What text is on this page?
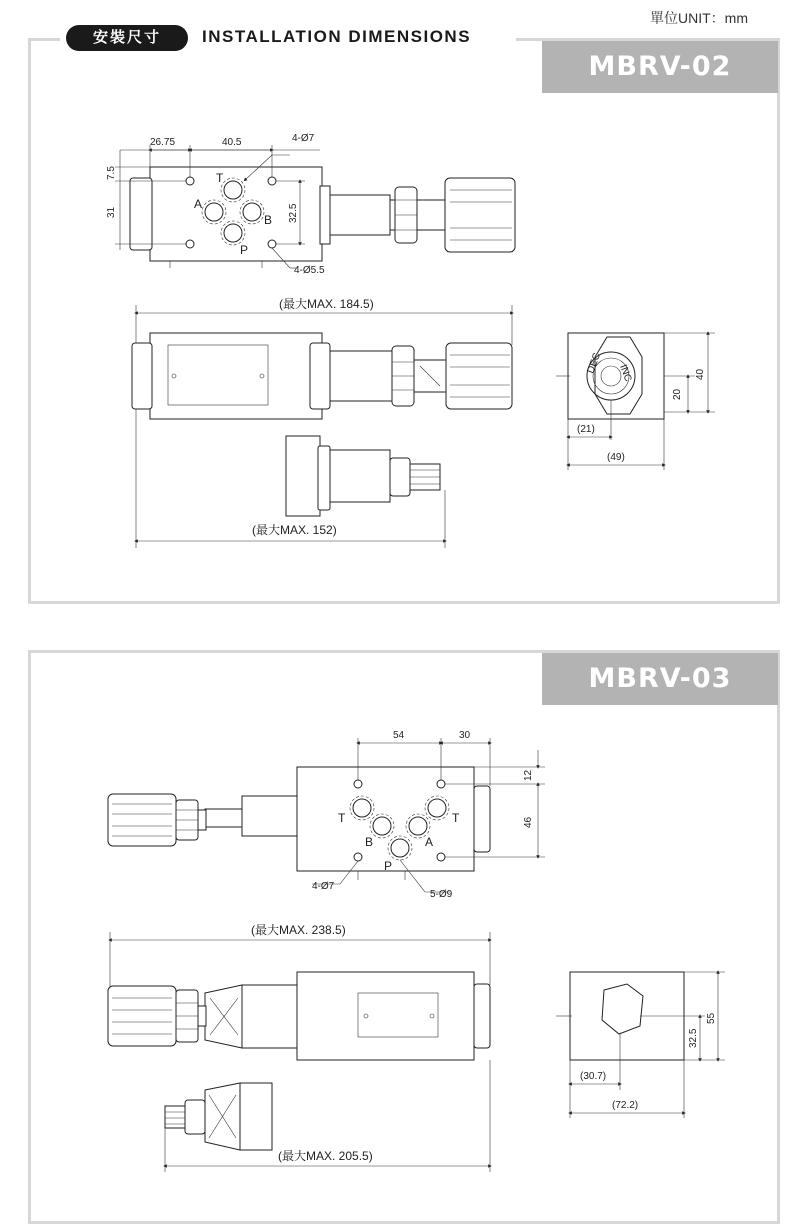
單位UNIT：mm
安裝尺寸	INSTALLATION DIMENSIONS
MBRV-02
MBRV-03
26.75	40.5	4-Ø7
7.5
31	32.5
4-Ø5.5
T
A
B
P
(最大MAX. 184.5)
(最大MAX. 152)
DEC INC
20
40
(21)
(49)
54	30
12
46
4-Ø7
5-Ø9
T	T
B	A
P
(最大MAX. 238.5)
(最大MAX. 205.5)
32.5
55
(30.7)
(72.2)
